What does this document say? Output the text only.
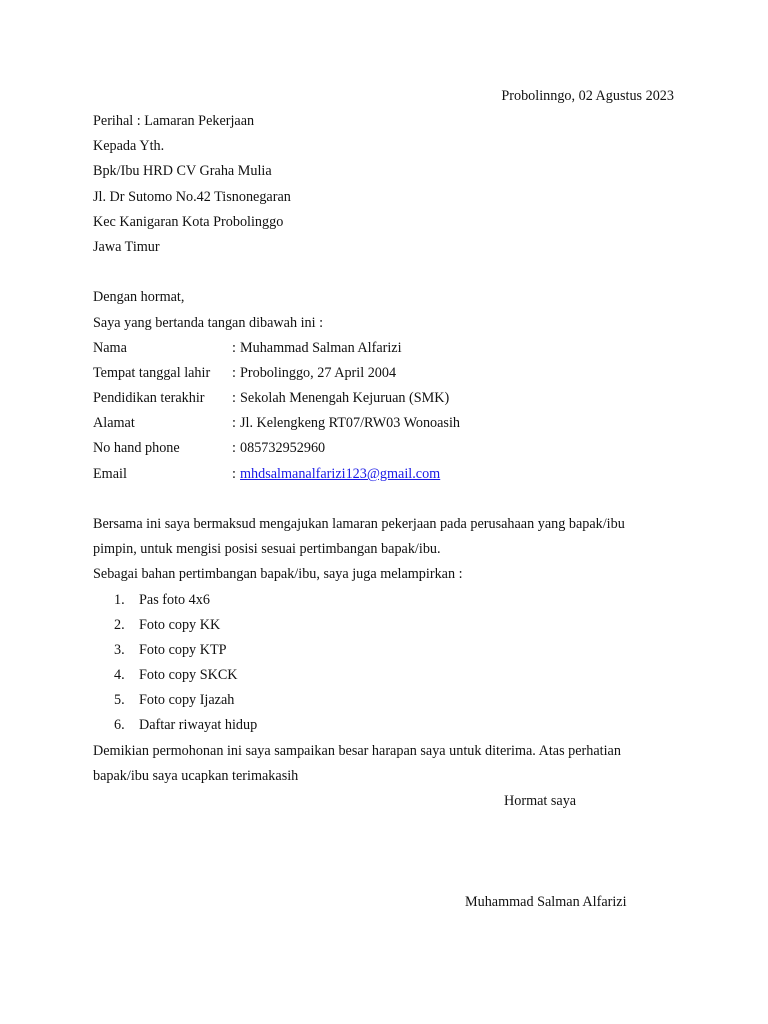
Probolinngo, 02 Agustus 2023
Perihal : Lamaran Pekerjaan
Kepada Yth.
Bpk/Ibu HRD CV Graha Mulia
Jl. Dr Sutomo No.42 Tisnonegaran
Kec Kanigaran Kota Probolinggo
Jawa Timur
Dengan hormat,
Saya yang bertanda tangan dibawah ini :
Nama	: Muhammad Salman Alfarizi
Tempat tanggal lahir : Probolinggo, 27 April 2004
Pendidikan terakhir : Sekolah Menengah Kejuruan (SMK)
Alamat	: Jl. Kelengkeng RT07/RW03 Wonoasih
No hand phone	: 085732952960
Email	: mhdsalmanalfarizi123@gmail.com
Bersama ini saya bermaksud mengajukan lamaran pekerjaan pada perusahaan yang bapak/ibu
pimpin, untuk mengisi posisi sesuai pertimbangan bapak/ibu.
Sebagai bahan pertimbangan bapak/ibu, saya juga melampirkan :
1. Pas foto 4x6
2. Foto copy KK
3. Foto copy KTP
4. Foto copy SKCK
5. Foto copy Ijazah
6. Daftar riwayat hidup
Demikian permohonan ini saya sampaikan besar harapan saya untuk diterima. Atas perhatian
bapak/ibu saya ucapkan terimakasih
Hormat saya
Muhammad Salman Alfarizi
